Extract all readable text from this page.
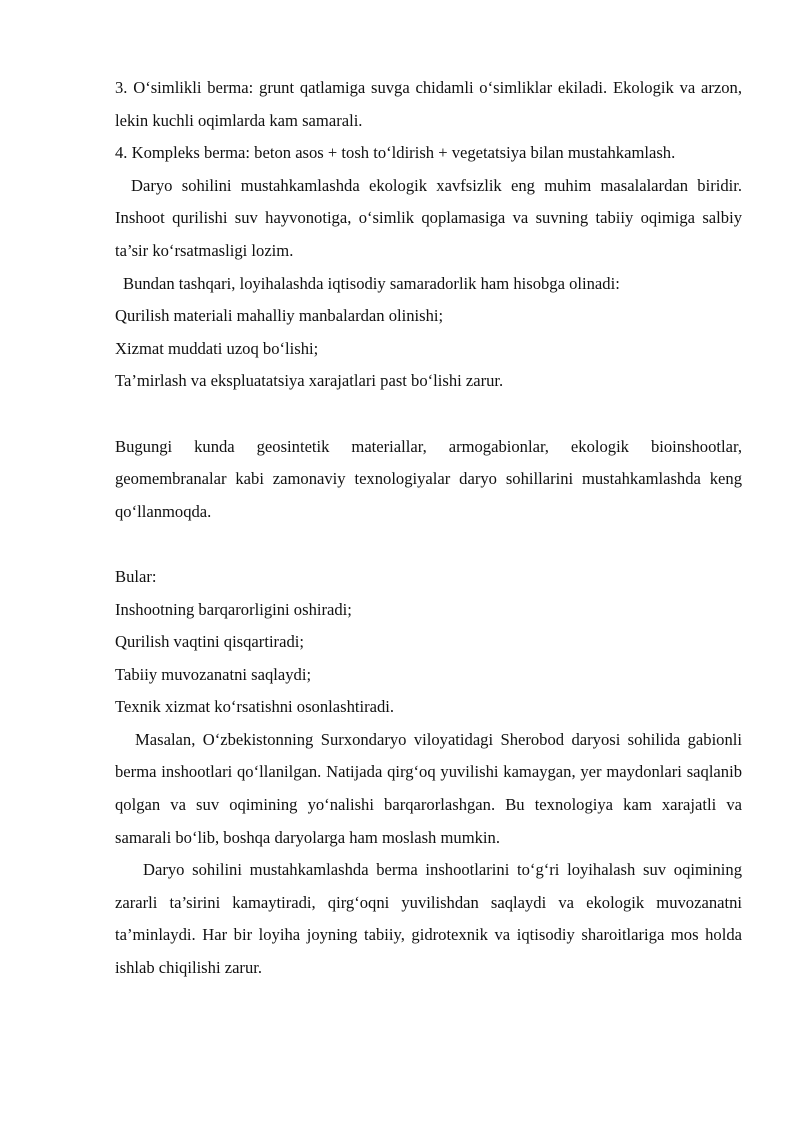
3. O‘simlikli berma: grunt qatlamiga suvga chidamli o‘simliklar ekiladi. Ekologik va arzon, lekin kuchli oqimlarda kam samarali.

4. Kompleks berma: beton asos + tosh to‘ldirish + vegetatsiya bilan mustahkamlash.

Daryo sohilini mustahkamlashda ekologik xavfsizlik eng muhim masalalardan biridir. Inshoot qurilishi suv hayvonotiga, o‘simlik qoplamasiga va suvning tabiiy oqimiga salbiy ta’sir ko‘rsatmasligi lozim.

Bundan tashqari, loyihalashda iqtisodiy samaradorlik ham hisobga olinadi:

Qurilish materiali mahalliy manbalardan olinishi;

Xizmat muddati uzoq bo‘lishi;

Ta’mirlash va ekspluatatsiya xarajatlari past bo‘lishi zarur.

Bugungi kunda geosintetik materiallar, armogabionlar, ekologik bioinshootlar, geomembranalar kabi zamonaviy texnologiyalar daryo sohillarini mustahkamlashda keng qo‘llanmoqda.

Bular:

Inshootning barqarorligini oshiradi;

Qurilish vaqtini qisqartiradi;

Tabiiy muvozanatni saqlaydi;

Texnik xizmat ko‘rsatishni osonlashtiradi.

Masalan, O‘zbekistonning Surxondaryo viloyatidagi Sherobod daryosi sohilida gabionli berma inshootlari qo‘llanilgan. Natijada qirg‘oq yuvilishi kamaygan, yer maydonlari saqlanib qolgan va suv oqimining yo‘nalishi barqarorlashgan. Bu texnologiya kam xarajatli va samarali bo‘lib, boshqa daryolarga ham moslash mumkin.

Daryo sohilini mustahkamlashda berma inshootlarini to‘g‘ri loyihalash suv oqimining zararli ta’sirini kamaytiradi, qirg‘oqni yuvilishdan saqlaydi va ekologik muvozanatni ta’minlaydi. Har bir loyiha joyning tabiiy, gidrotexnik va iqtisodiy sharoitlariga mos holda ishlab chiqilishi zarur.
